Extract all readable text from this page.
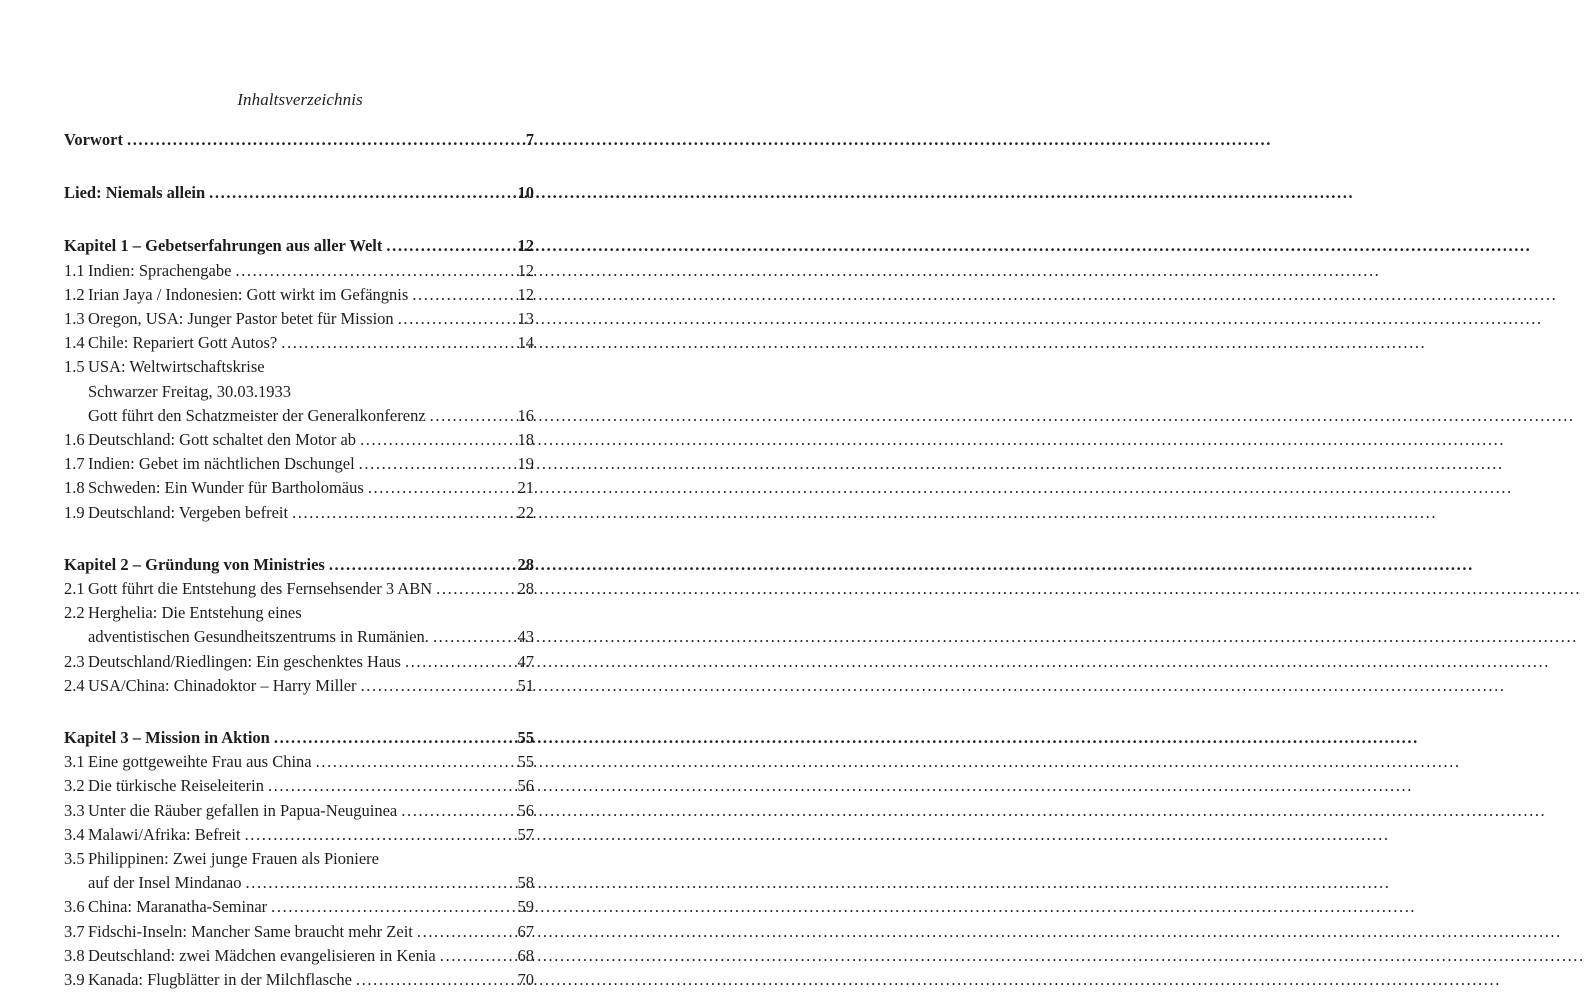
Inhaltsverzeichnis
Vorwort .....	7
Lied: Niemals allein .....	10
Kapitel 1 – Gebetserfahrungen aus aller Welt .....	12
1.1 Indien: Sprachengabe .....	12
1.2 Irian Jaya / Indonesien: Gott wirkt im Gefängnis .....	12
1.3 Oregon, USA: Junger Pastor betet für Mission .....	13
1.4 Chile: Repariert Gott Autos? .....	14
1.5 USA: Weltwirtschaftskrise
Schwarzer Freitag, 30.03.1933
Gott führt den Schatzmeister der Generalkonferenz .....	16
1.6 Deutschland: Gott schaltet den Motor ab .....	18
1.7 Indien: Gebet im nächtlichen Dschungel .....	19
1.8 Schweden: Ein Wunder für Bartholomäus .....	21
1.9 Deutschland: Vergeben befreit .....	22
Kapitel 2 – Gründung von Ministries .....	28
2.1 Gott führt die Entstehung des Fernsehsender 3 ABN .....	28
2.2 Herghelia: Die Entstehung eines
adventistischen Gesundheitszentrums in Rumänien. .....	43
2.3 Deutschland/Riedlingen: Ein geschenktes Haus .....	47
2.4 USA/China: Chinadoktor – Harry Miller .....	51
Kapitel 3 – Mission in Aktion .....	55
3.1 Eine gottgeweihte Frau aus China .....	55
3.2 Die türkische Reiseleiterin .....	56
3.3 Unter die Räuber gefallen in Papua-Neuguinea .....	56
3.4 Malawi/Afrika: Befreit .....	57
3.5 Philippinen: Zwei junge Frauen als Pioniere
auf der Insel Mindanao .....	58
3.6 China: Maranatha-Seminar .....	59
3.7 Fidschi-Inseln: Mancher Same braucht mehr Zeit .....	67
3.8 Deutschland: zwei Mädchen evangelisieren in Kenia .....	68
3.9 Kanada: Flugblätter in der Milchflasche .....	70
